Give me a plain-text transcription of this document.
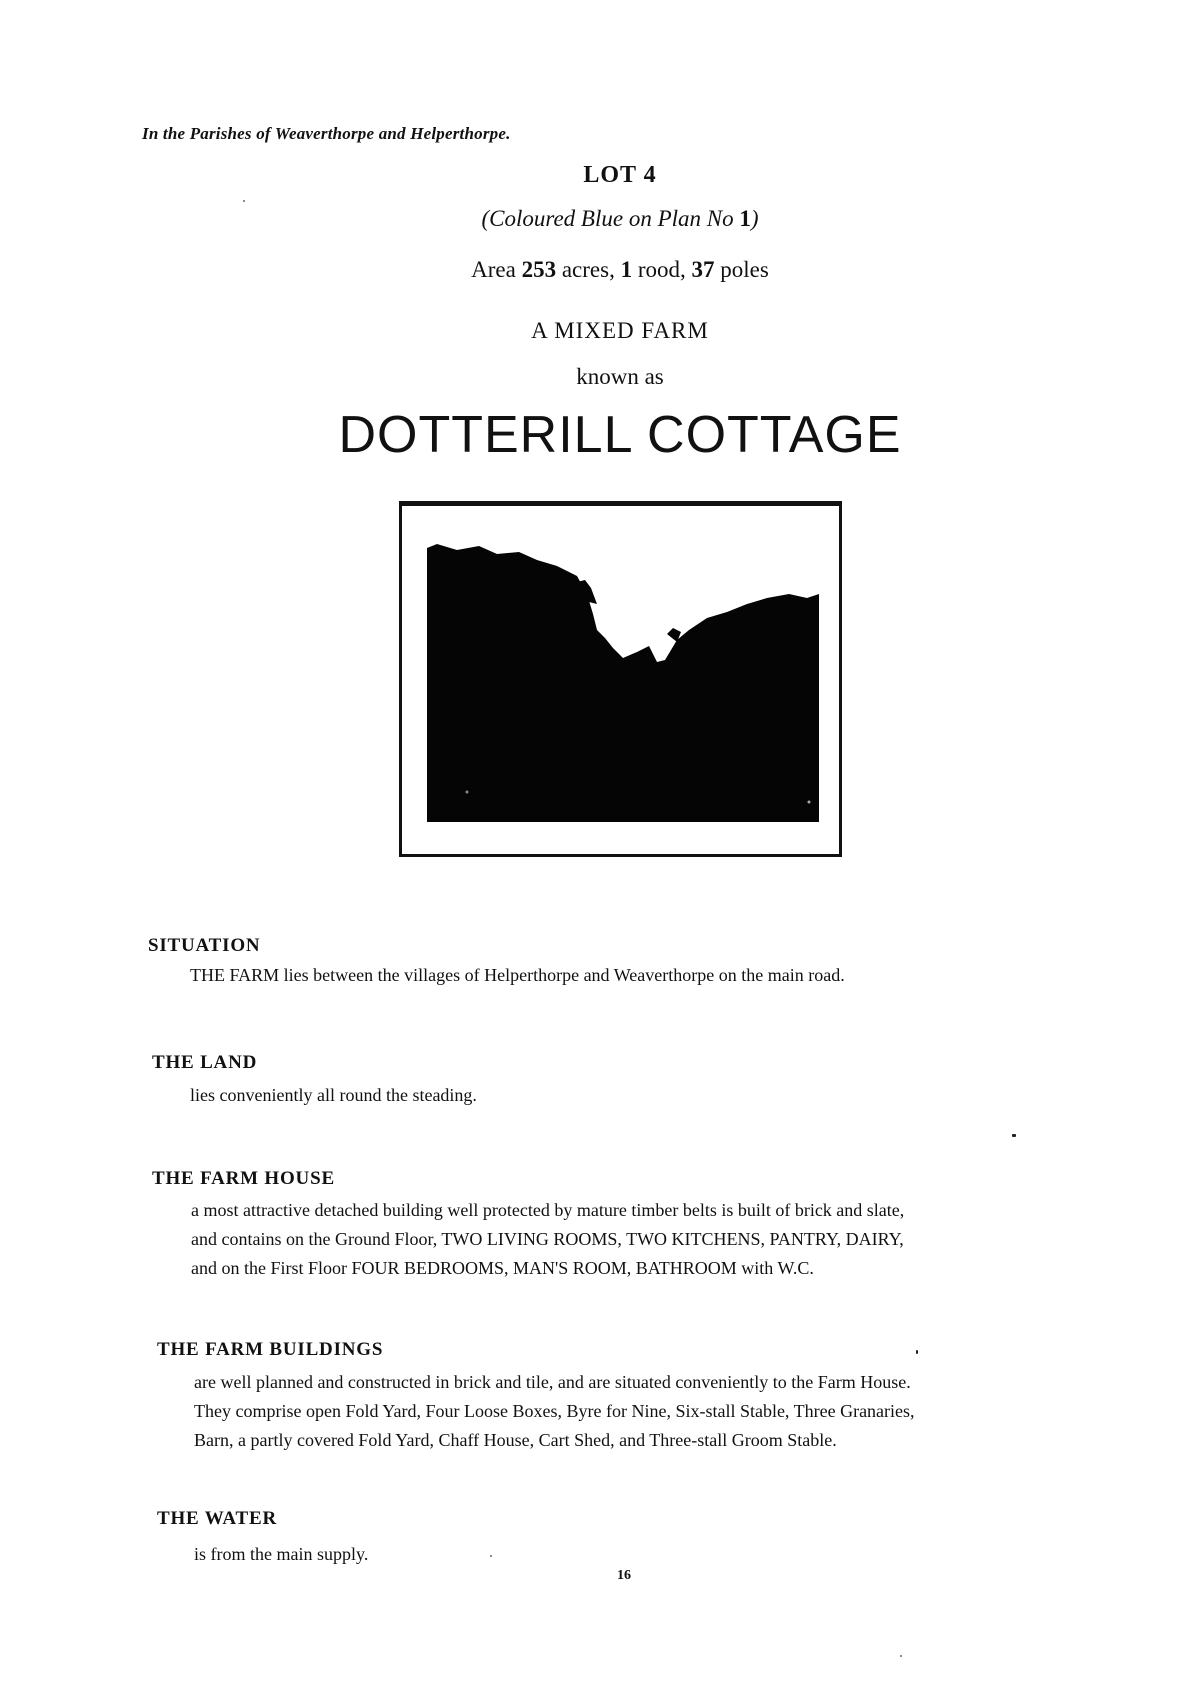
In the Parishes of Weaverthorpe and Helperthorpe.
LOT 4
(Coloured Blue on Plan No 1)
Area 253 acres, 1 rood, 37 poles
A MIXED FARM
known as
DOTTERILL COTTAGE
SITUATION
THE FARM lies between the villages of Helperthorpe and Weaverthorpe on the main road.
THE LAND
lies conveniently all round the steading.
THE FARM HOUSE
a most attractive detached building well protected by mature timber belts is built of brick and slate,
and contains on the Ground Floor, TWO LIVING ROOMS, TWO KITCHENS, PANTRY, DAIRY,
and on the First Floor FOUR BEDROOMS, MAN'S ROOM, BATHROOM with W.C.
THE FARM BUILDINGS
are well planned and constructed in brick and tile, and are situated conveniently to the Farm House.
They comprise open Fold Yard, Four Loose Boxes, Byre for Nine, Six-stall Stable, Three Granaries,
Barn, a partly covered Fold Yard, Chaff House, Cart Shed, and Three-stall Groom Stable.
THE WATER
is from the main supply.
16
